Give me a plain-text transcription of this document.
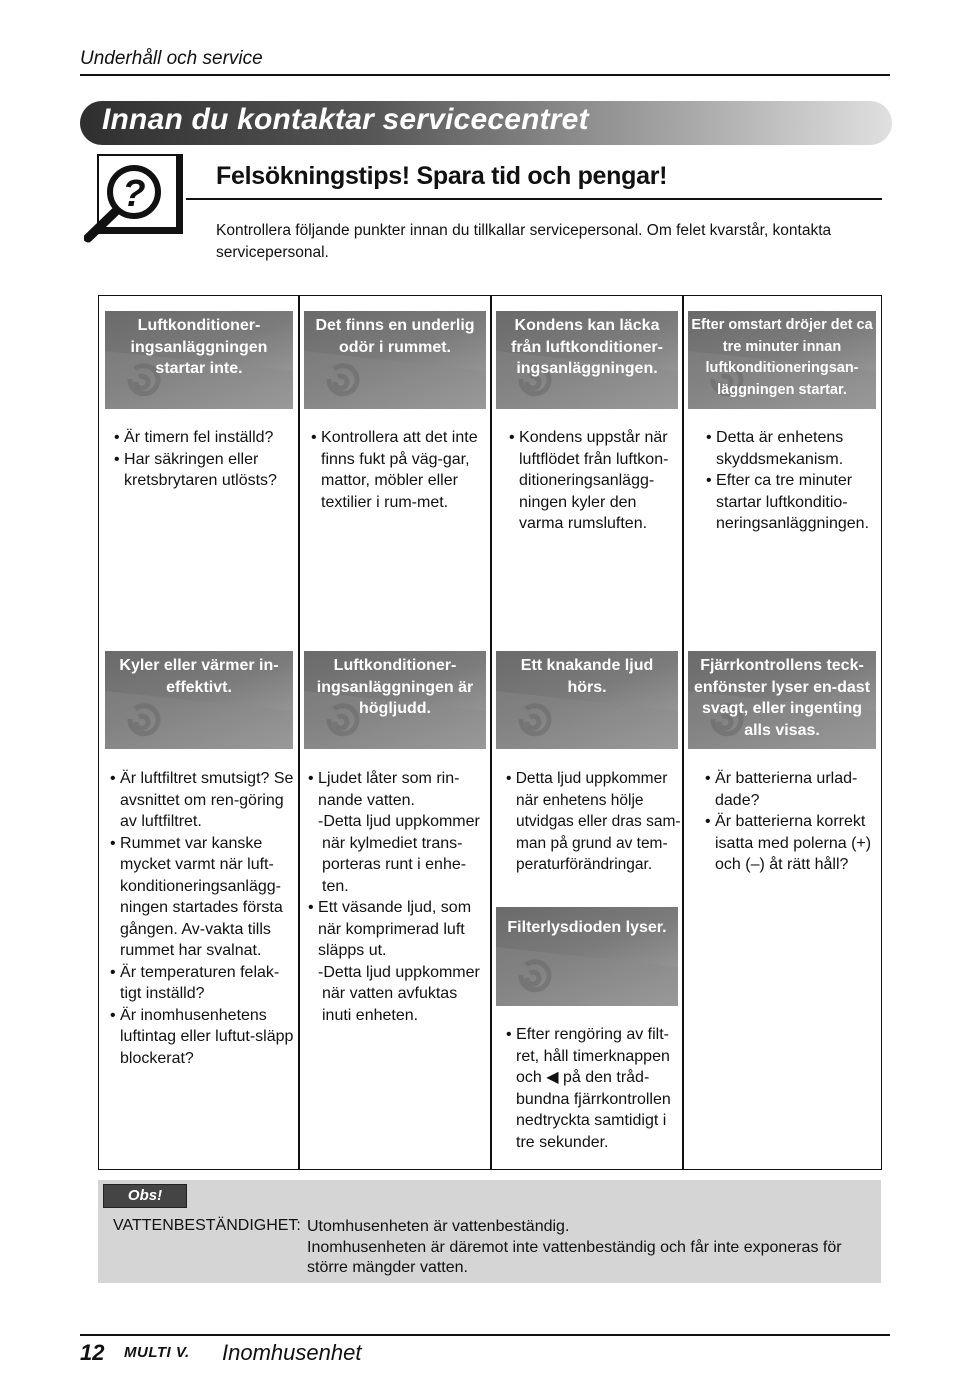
Underhåll och service
Innan du kontaktar servicecentret
?	Felsökningstips! Spara tid och pengar!
Kontrollera följande punkter innan du tillkallar servicepersonal. Om felet kvarstår, kontakta servicepersonal.
Luftkonditioner-ingsanläggningen startar inte.

• Är timern fel inställd?

• Har säkringen eller kretsbrytaren utlösts?

Det finns en underlig odör i rummet.

• Kontrollera att det inte finns fukt på väg-gar, mattor, möbler eller textilier i rum-met.

Kondens kan läcka från luftkonditioner-ingsanläggningen.

• Kondens uppstår när luftflödet från luftkon-ditioneringsanlägg-ningen kyler den varma rumsluften.

Efter omstart dröjer det ca tre minuter innan luftkonditioneringsan-läggningen startar.

• Detta är enhetens skyddsmekanism.

• Efter ca tre minuter startar luftkonditio-neringsanläggningen.

Kyler eller värmer in-effektivt.

• Är luftfiltret smutsigt? Se avsnittet om ren-göring av luftfiltret.

• Rummet var kanske mycket varmt när luft-konditioneringsanlägg-ningen startades första gången. Av-vakta tills rummet har svalnat.

• Är temperaturen felak-tigt inställd?

• Är inomhusenhetens luftintag eller luftut-släpp blockerat?

Luftkonditioner-ingsanläggningen är högljudd.

• Ljudet låter som rin-nande vatten.

-Detta ljud uppkommer när kylmediet trans-porteras runt i enhe-ten.

• Ett väsande ljud, som när komprimerad luft släpps ut.

-Detta ljud uppkommer när vatten avfuktas inuti enheten.

Ett knakande ljud hörs.

• Detta ljud uppkommer när enhetens hölje utvidgas eller dras sam-man på grund av tem-peraturförändringar.

Filterlysdioden lyser.

• Efter rengöring av filt-ret, håll timerknappen och ◀ på den tråd-bundna fjärrkontrollen nedtryckta samtidigt i tre sekunder.

Fjärrkontrollens teck-enfönster lyser en-dast svagt, eller ingenting alls visas.

• Är batterierna urlad-dade?

• Är batterierna korrekt isatta med polerna (+) och (–) åt rätt håll?

Obs!
VATTENBESTÄNDIGHET: Utomhusenheten är vattenbeständig.
Inomhusenheten är däremot inte vattenbeständig och får inte exponeras för större mängder vatten.
12 MULTI V. Inomhusenhet
